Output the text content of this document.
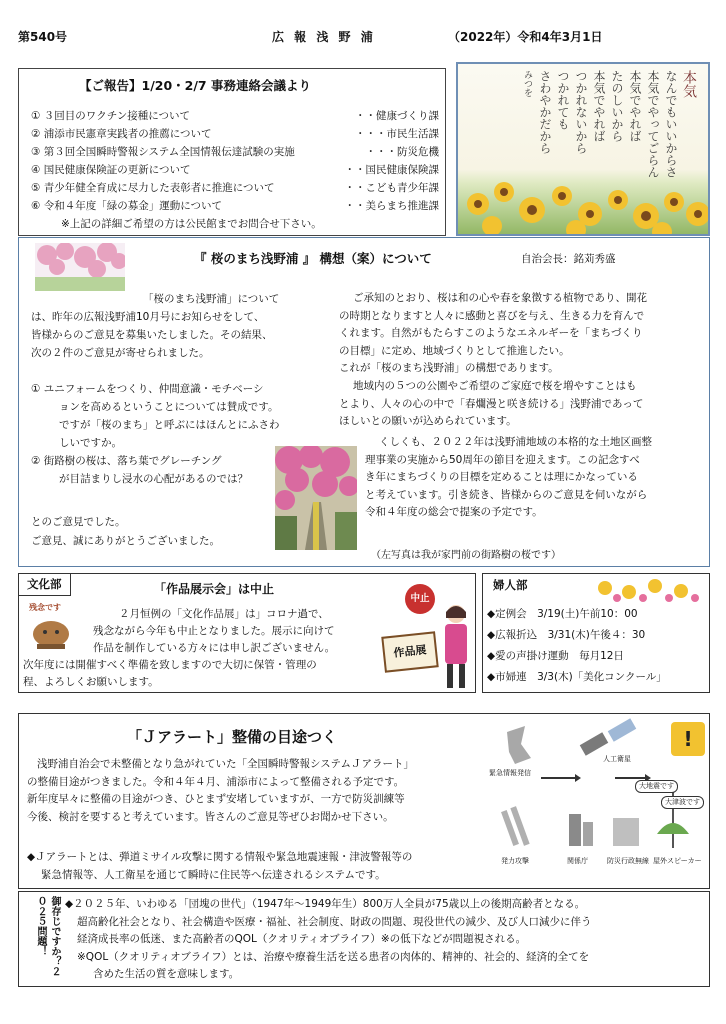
第540号	広 報 浅 野 浦	（2022年）令和4年3月1日
【ご報告】1/20・2/7 事務連絡会議より
① ３回目のワクチン接種について	・・健康づくり課
② 浦添市民憲章実践者の推薦について	・・・市民生活課
③ 第３回全国瞬時警報システム全国情報伝達試験の実施	・・・防災危機
④ 国民健康保険証の更新について	・・国民健康保険課
⑤ 青少年健全育成に尽力した表彰者に推進について	・・こども青少年課
⑥ 令和４年度「緑の募金」運動について	・・美らまち推進課
※上記の詳細ご希望の方は公民館までお問合せ下さい。
本気
なんでもいいからさ
本気でやってごらん
本気でやれば
たのしいから
本気でやれば
つかれないから
つかれても
さわやかだから
みつを
『 桜のまち浅野浦 』 構想（案）について	自治会長：銘苅秀盛

「桜のまち浅野浦」について

は、昨年の広報浅野浦10月号にお知らせをして、

皆様からのご意見を募集いたしました。その結果、

次の２件のご意見が寄せられました。

① ユニフォームをつくり、仲間意識・モチベーシ

ョンを高めるということについては賛成です。

ですが「桜のまち」と呼ぶにはほんとにふさわ

しいですか。

② 街路樹の桜は、落ち葉でグレーチング

が目詰まりし浸水の心配があるのでは？

とのご意見でした。

ご意見、誠にありがとうございました。

ご承知のとおり、桜は和の心や春を象徴する植物であり、開花

の時期となりますと人々に感動と喜びを与え、生きる力を育んで

くれます。自然がもたらすこのようなエネルギーを「まちづくり

の目標」に定め、地域づくりとして推進したい。

これが「桜のまち浅野浦」の構想であります。

地域内の５つの公園やご希望のご家庭で桜を増やすことはも

とより、人々の心の中で「春爛漫と咲き続ける」浅野浦であって

ほしいとの願いが込められています。

くしくも、２０２２年は浅野浦地域の本格的な土地区画整

理事業の実施から50周年の節目を迎えます。この記念すべ

き年にまちづくりの目標を定めることは理にかなっている

と考えています。引き続き、皆様からのご意見を伺いながら

令和４年度の総会で提案の予定です。

（左写真は我が家門前の街路樹の桜です）
文化部	「作品展示会」は中止
残念です

２月恒例の「文化作品展」は」コロナ過で、

残念ながら今年も中止となりました。展示に向けて

作品を制作している方々には申し訳ございません。

次年度には開催すべく準備を致しますので大切に保管・管理の

程、よろしくお願いします。

中止
作品展
婦人部

◆定例会　3/19(土)午前10：00

◆広報折込　3/31(木)午後４：30

◆愛の声掛け運動　毎月12日

◆市婦連　3/3(木)「美化コンクール」

「Ｊアラート」整備の目途つく

浅野浦自治会で未整備となり急がれていた「全国瞬時警報システムＪアラート」

の整備目途がつきました。令和４年４月、浦添市によって整備される予定です。

新年度早々に整備の目途がつき、ひとまず安堵していますが、一方で防災訓練等

今後、検討を要すると考えています。皆さんのご意見等ぜひお聞かせ下さい。

◆Ｊアラートとは、弾道ミサイル攻撃に関する情報や緊急地震速報・津波警報等の

緊急情報等、人工衛星を通じて瞬時に住民等へ伝達されるシステムです。

!
人工衛星
緊急情報発信
発力攻撃	関係庁	防災行政無線 屋外スピーカー
大地震です
大津波です
御存じですか？２０２５問題！	◆２０２５年、いわゆる「団塊の世代」（1947年〜1949年生）800万人全員が75歳以上の後期高齢者となる。

超高齢化社会となり、社会構造や医療・福祉、社会制度、財政の問題、現役世代の減少、及び人口減少に伴う

経済成長率の低迷、また高齢者のQOL（クオリティオブライフ）※の低下などが問題視される。

※QOL（クオリティオブライフ）とは、治療や療養生活を送る患者の肉体的、精神的、社会的、経済的全てを

含めた生活の質を意味します。
